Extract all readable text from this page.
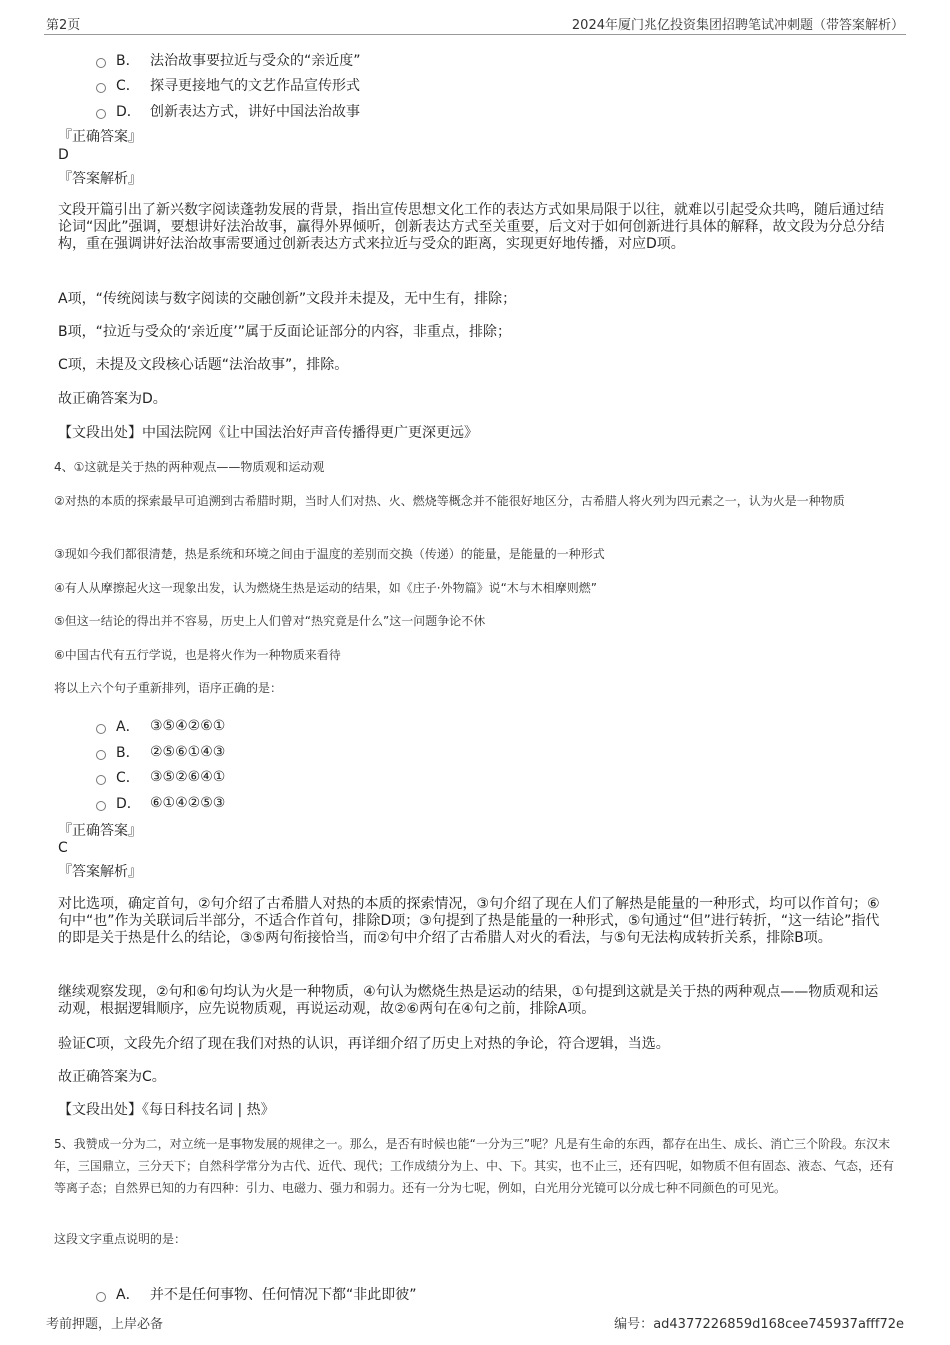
第2页	2024年厦门兆亿投资集团招聘笔试冲刺题（带答案解析）
B． 法治故事要拉近与受众的“亲近度”
C． 探寻更接地气的文艺作品宣传形式
D． 创新表达方式，讲好中国法治故事
『正确答案』
D
『答案解析』
文段开篇引出了新兴数字阅读蓬勃发展的背景，指出宣传思想文化工作的表达方式如果局限于以往，就难以引起受众共鸣，随后通过结论词“因此”强调，要想讲好法治故事，赢得外界倾听，创新表达方式至关重要，后文对于如何创新进行具体的解释，故文段为分总分结构，重在强调讲好法治故事需要通过创新表达方式来拉近与受众的距离，实现更好地传播，对应D项。
A项，“传统阅读与数字阅读的交融创新”文段并未提及，无中生有，排除；
B项，“拉近与受众的‘亲近度’”属于反面论证部分的内容，非重点，排除；
C项，未提及文段核心话题“法治故事”，排除。
故正确答案为D。
【文段出处】中国法院网《让中国法治好声音传播得更广更深更远》
4、①这就是关于热的两种观点——物质观和运动观
②对热的本质的探索最早可追溯到古希腊时期，当时人们对热、火、燃烧等概念并不能很好地区分，古希腊人将火列为四元素之一，认为火是一种物质
③现如今我们都很清楚，热是系统和环境之间由于温度的差别而交换（传递）的能量，是能量的一种形式
④有人从摩擦起火这一现象出发，认为燃烧生热是运动的结果，如《庄子·外物篇》说“木与木相摩则燃”
⑤但这一结论的得出并不容易，历史上人们曾对“热究竟是什么”这一问题争论不休
⑥中国古代有五行学说，也是将火作为一种物质来看待
将以上六个句子重新排列，语序正确的是：
A． ③⑤④②⑥①
B． ②⑤⑥①④③
C． ③⑤②⑥④①
D． ⑥①④②⑤③
『正确答案』
C
『答案解析』
对比选项，确定首句，②句介绍了古希腊人对热的本质的探索情况，③句介绍了现在人们了解热是能量的一种形式，均可以作首句；⑥句中“也”作为关联词后半部分，不适合作首句，排除D项；③句提到了热是能量的一种形式，⑤句通过“但”进行转折，“这一结论”指代的即是关于热是什么的结论，③⑤两句衔接恰当，而②句中介绍了古希腊人对火的看法，与⑤句无法构成转折关系，排除B项。
继续观察发现，②句和⑥句均认为火是一种物质，④句认为燃烧生热是运动的结果，①句提到这就是关于热的两种观点——物质观和运动观，根据逻辑顺序，应先说物质观，再说运动观，故②⑥两句在④句之前，排除A项。
验证C项，文段先介绍了现在我们对热的认识，再详细介绍了历史上对热的争论，符合逻辑，当选。
故正确答案为C。
【文段出处】《每日科技名词 | 热》
5、我赞成一分为二，对立统一是事物发展的规律之一。那么，是否有时候也能“一分为三”呢？凡是有生命的东西，都存在出生、成长、消亡三个阶段。东汉末年，三国鼎立，三分天下；自然科学常分为古代、近代、现代；工作成绩分为上、中、下。其实，也不止三，还有四呢，如物质不但有固态、液态、气态，还有等离子态；自然界已知的力有四种：引力、电磁力、强力和弱力。还有一分为七呢，例如，白光用分光镜可以分成七种不同颜色的可见光。
这段文字重点说明的是：
A． 并不是任何事物、任何情况下都“非此即彼”
考前押题，上岸必备	编号：ad4377226859d168cee745937afff72e
